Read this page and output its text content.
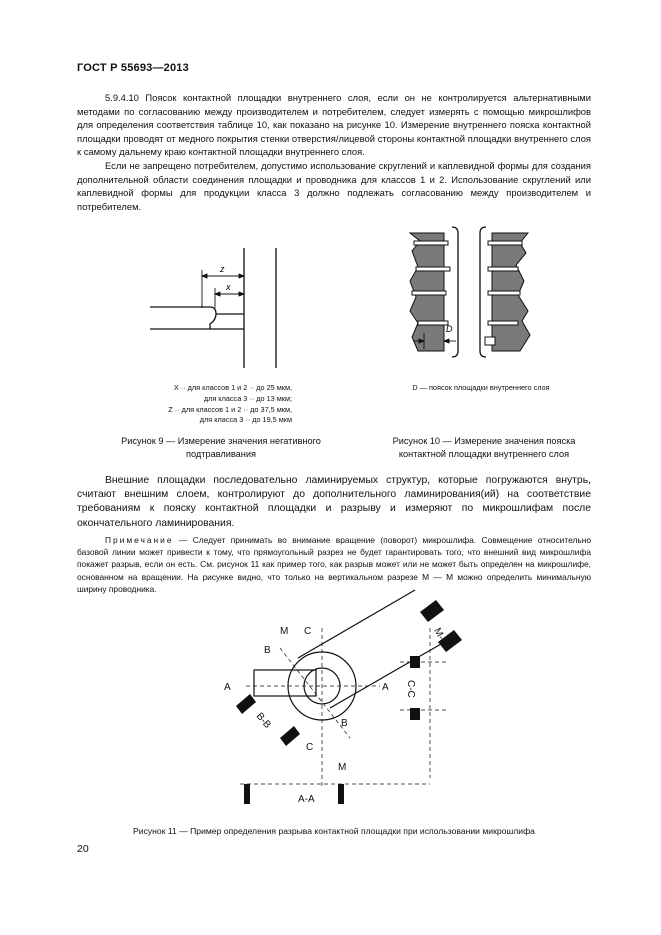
ГОСТ Р 55693—2013

5.9.4.10 Поясок контактной площадки внутреннего слоя, если он не контролируется альтернативными методами по согласованию между производителем и потребителем, следует измерять с помощью микрошлифов для определения соответствия таблице 10, как показано на рисунке 10. Измерение внутреннего пояска контактной площадки проводят от медного покрытия стенки отверстия/лицевой стороны контактной площадки внутреннего слоя к самому дальнему краю контактной площадки внутреннего слоя.

Если не запрещено потребителем, допустимо использование скруглений и каплевидной формы для создания дополнительной области соединения площадки и проводника для классов 1 и 2. Использование скруглений или каплевидной формы для продукции класса 3 должно подлежать согласованию между производителем и потребителем.

z
x
X ·· для классов 1 и 2 ·· до 25 мкм,
для класса 3 ·· до 13 мкм;
Z ·· для классов 1 и 2 ·· до 37,5 мкм,
для класса 3 ·· до 19,5 мкм
Рисунок 9 — Измерение значения негативного
подтравливания
D
D — поясок площадки внутреннего слоя
Рисунок 10 — Измерение значения пояска
контактной площадки внутреннего слоя

Внешние площадки последовательно ламинируемых структур, которые погружаются внутрь, считают внешним слоем, контролируют до дополнительного ламинирования(ий) на соответствие требованиям к пояску контактной площадки и разрыву и измеряют по микрошлифам после окончательного ламинирования.

Примечание — Следует принимать во внимание вращение (поворот) микрошлифа. Совмещение относительно базовой линии может привести к тому, что прямоугольный разрез не будет гарантировать того, что внешний вид микрошлифа покажет разрыв, если он есть. См. рисунок 11 как пример того, как разрыв может или не может быть определен на микрошлифе, основанном на вращении. На рисунке видно, что только на вертикальном разрезе М — М можно определить минимальную ширину проводника.

M C
B
A	A
B
C
M
M-M
C-C
B-B
A-A
Рисунок 11 — Пример определения разрыва контактной площадки при использовании микрошлифа
20
